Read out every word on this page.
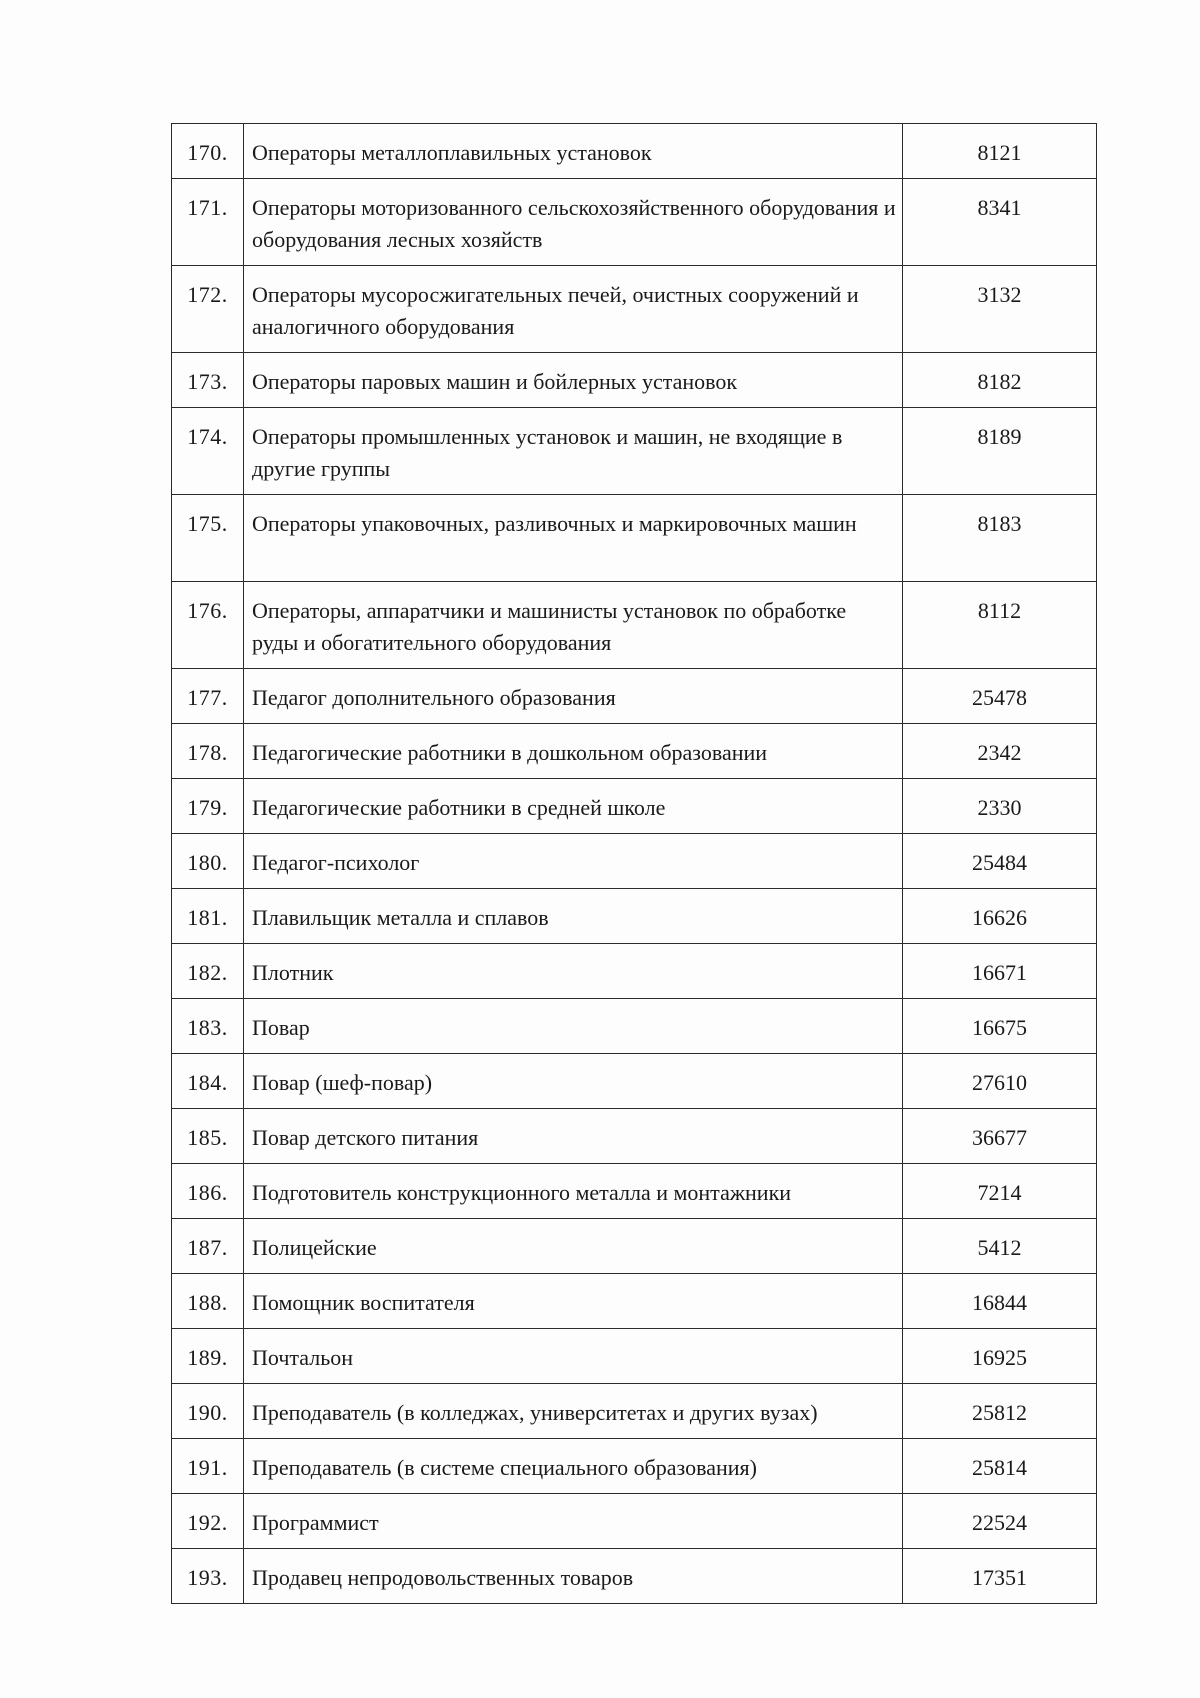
170.	Операторы металлоплавильных установок	8121
171.	Операторы моторизованного сельскохозяйственного оборудования и оборудования лесных хозяйств	8341
172.	Операторы мусоросжигательных печей, очистных сооружений и аналогичного оборудования	3132
173.	Операторы паровых машин и бойлерных установок	8182
174.	Операторы промышленных установок и машин, не входящие в другие группы	8189
175.	Операторы упаковочных, разливочных и маркировочных машин	8183
176.	Операторы, аппаратчики и машинисты установок по обработке руды и обогатительного оборудования	8112
177.	Педагог дополнительного образования	25478
178.	Педагогические работники в дошкольном образовании	2342
179.	Педагогические работники в средней школе	2330
180.	Педагог-психолог	25484
181.	Плавильщик металла и сплавов	16626
182.	Плотник	16671
183.	Повар	16675
184.	Повар (шеф-повар)	27610
185.	Повар детского питания	36677
186.	Подготовитель конструкционного металла и монтажники	7214
187.	Полицейские	5412
188.	Помощник воспитателя	16844
189.	Почтальон	16925
190.	Преподаватель (в колледжах, университетах и других вузах)	25812
191.	Преподаватель (в системе специального образования)	25814
192.	Программист	22524
193.	Продавец непродовольственных товаров	17351
